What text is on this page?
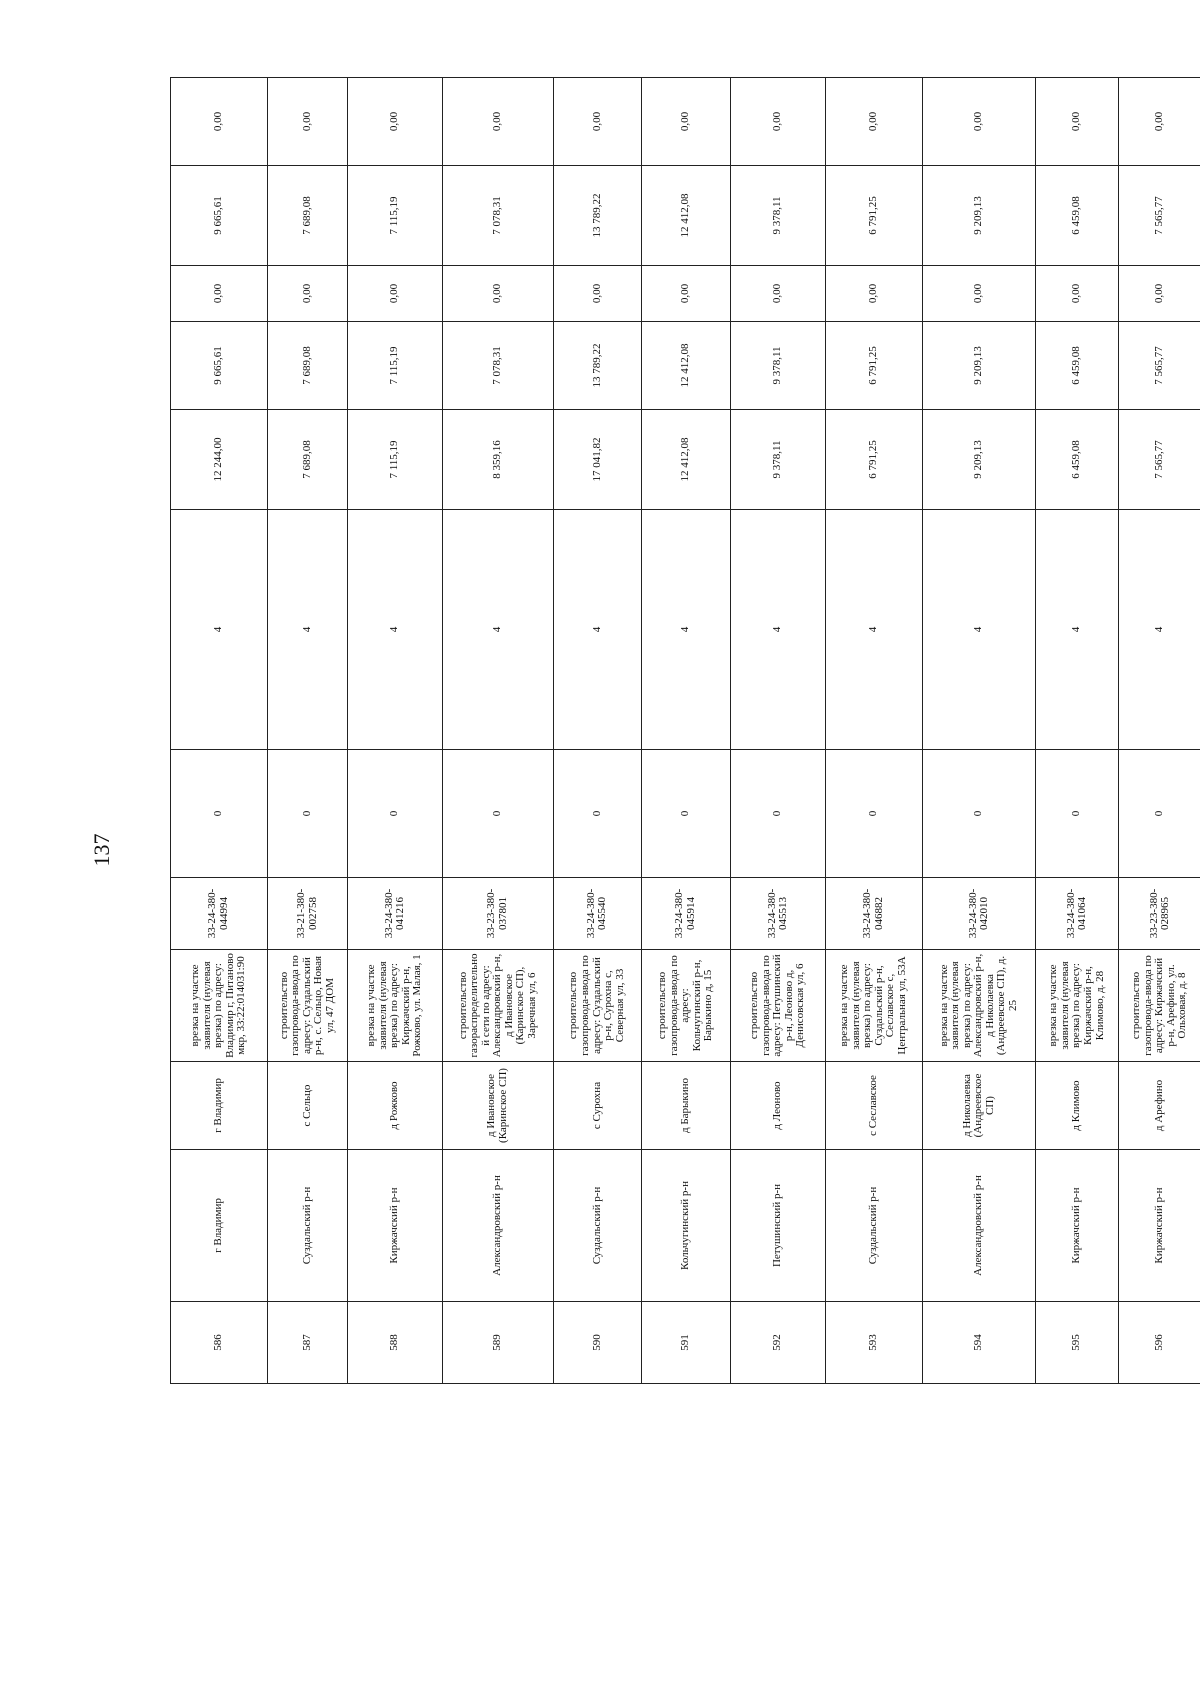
137
586	г Владимир	г Владимир	врезка на участке заявителя (нулевая врезка) по адресу: Владимир г, Питаново мкр, 33:22:014031:90	33-24-380-044994	0	4	12 244,00	9 665,61	0,00	9 665,61	0,00	
587	Суздальский р-н	с Сельцо	строительство газопровода-ввода по адресу: Суздальский р-н, с. Сельцо, Новая ул, 47 ДОМ	33-21-380-002758	0	4	7 689,08	7 689,08	0,00	7 689,08	0,00	
588	Киржачский р-н	д Рожково	врезка на участке заявителя (нулевая врезка) по адресу: Киржачский р-н, Рожково, ул. Малая, 1	33-24-380-041216	0	4	7 115,19	7 115,19	0,00	7 115,19	0,00	
589	Александровский р-н	д Ивановское (Каринское СП)	строительство газораспределительной сети по адресу: Александровский р-н, д Ивановское (Каринское СП), Заречная ул, 6	33-23-380-037801	0	4	8 359,16	7 078,31	0,00	7 078,31	0,00	
590	Суздальский р-н	с Сурохна	строительство газопровода-ввода по адресу: Суздальский р-н, Сурохна с, Северная ул, 33	33-24-380-045540	0	4	17 041,82	13 789,22	0,00	13 789,22	0,00	
591	Кольчугинский р-н	д Барыкино	строительство газопровода-ввода по адресу: Кольчугинский р-н, Барыкино д, 15	33-24-380-045914	0	4	12 412,08	12 412,08	0,00	12 412,08	0,00	
592	Петушинский р-н	д Леоново	строительство газопровода-ввода по адресу: Петушинский р-н, Леоново д, Денисовская ул, 6	33-24-380-045513	0	4	9 378,11	9 378,11	0,00	9 378,11	0,00	
593	Суздальский р-н	с Сеславское	врезка на участке заявителя (нулевая врезка) по адресу: Суздальский р-н, Сеславское с, Центральная ул, 53А	33-24-380-046882	0	4	6 791,25	6 791,25	0,00	6 791,25	0,00	
594	Александровский р-н	д Николаевка (Андреевское СП)	врезка на участке заявителя (нулевая врезка) по адресу: Александровский р-н, д Николаевка (Андреевское СП), д. 25	33-24-380-042010	0	4	9 209,13	9 209,13	0,00	9 209,13	0,00	
595	Киржачский р-н	д Климово	врезка на участке заявителя (нулевая врезка) по адресу: Киржачский р-н, Климово, д. 28	33-24-380-041064	0	4	6 459,08	6 459,08	0,00	6 459,08	0,00	
596	Киржачский р-н	д Арефино	строительство газопровода-ввода по адресу: Киржачский р-н, Арефино, ул. Ольховая, д. 8	33-23-380-028965	0	4	7 565,77	7 565,77	0,00	7 565,77	0,00	
